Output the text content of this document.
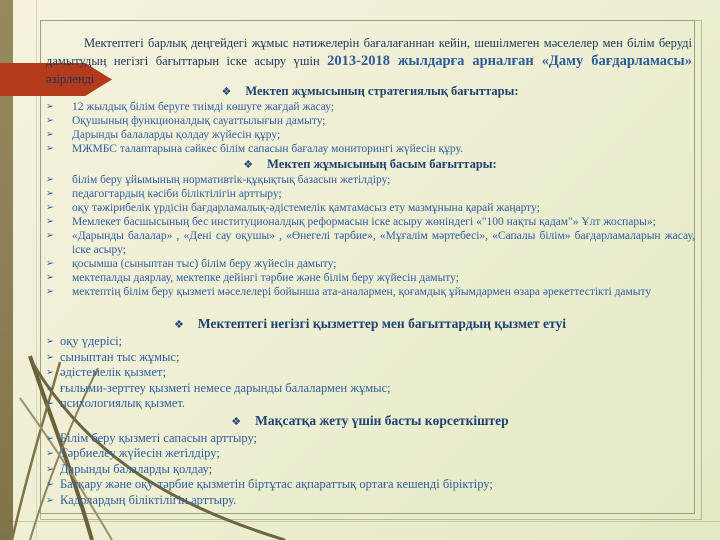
Мектептегі барлық деңгейдегі жұмыс нәтижелерін бағалағаннан кейін, шешілмеген мәселелер мен білім беруді дамытудың негізгі бағыттарын іске асыру үшін 2013-2018 жылдарға арналған «Даму бағдарламасы» әзірленді

❖ Мектеп жұмысының стратегиялық бағыттары:
➢	12 жылдық білім беруге тиімді көшуге жағдай жасау;
➢	Оқушының функционалдық сауаттылығын дамыту;
➢	Дарынды балаларды қолдау жүйесін құру;
➢	МЖМБС талаптарына сәйкес білім сапасын бағалау мониторингі жүйесін құру.
❖ Мектеп жұмысының басым бағыттары:
➢	білім беру ұйымының нормативтік-құқықтық базасын жетілдіру;
➢	педагогтардың кәсіби біліктілігін арттыру;
➢	оқу тәжірибелік үрдісін бағдарламалық-әдістемелік қамтамасыз ету мазмұнына қарай жаңарту;
➢	Мемлекет басшысының бес институционалдық реформасын іске асыру жөніндегі «"100 нақты қадам"» Ұлт жоспары»;
➢	«Дарынды балалар» , «Дені сау оқушы» , «Өнегелі тәрбие», «Мұғалім мәртебесі», «Сапалы білім» бағдарламаларын жасау, іске асыру;
➢	қосымша (сыныптан тыс) білім беру жүйесін дамыту;
➢	мектепалды даярлау, мектепке дейінгі тәрбие және білім беру жүйесін дамыту;
➢	мектептің білім беру қызметі мәселелері бойынша ата-аналармен, қоғамдық ұйымдармен өзара әрекеттестікті дамыту
❖ Мектептегі негізгі қызметтер мен бағыттардың қызмет етуі
➢ оқу үдерісі;
➢ сыныптан тыс жұмыс;
➢ әдістемелік қызмет;
➢ ғылыми-зерттеу қызметі немесе дарынды балалармен жұмыс;
➢ психологиялық қызмет.
❖ Мақсатқа жету үшін басты көрсеткіштер
➢ Білім беру қызметі сапасын арттыру;
➢ Тәрбиелеу жүйесін жетілдіру;
➢ Дарынды балаларды қолдау;
➢ Басқару және оқу-тәрбие қызметін біртұтас ақпараттық ортаға кешенді біріктіру;
➢ Кадрлардың біліктілігін арттыру.
